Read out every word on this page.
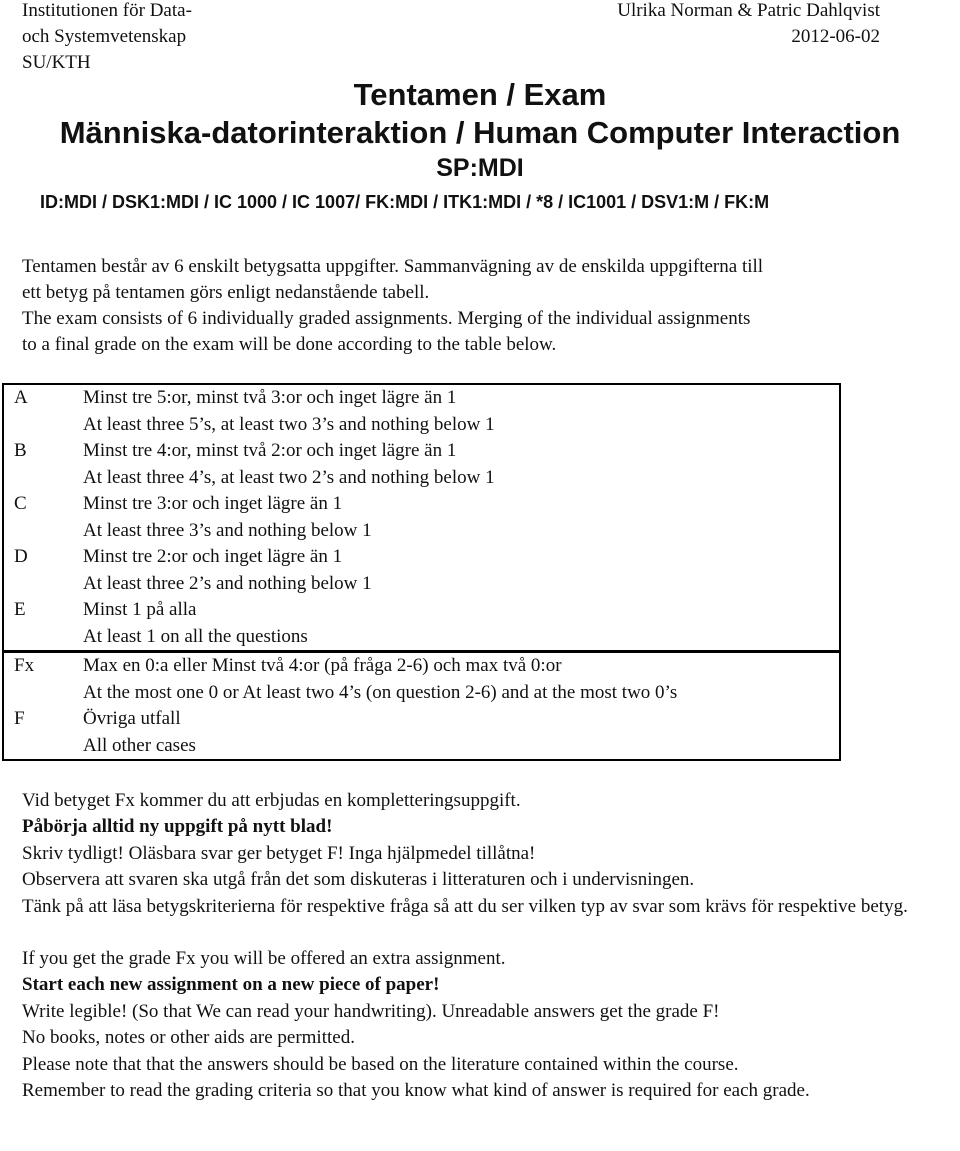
Institutionen för Data-
och Systemvetenskap
SU/KTH
Ulrika Norman & Patric Dahlqvist
2012-06-02
Tentamen / Exam
Människa-datorinteraktion / Human Computer Interaction
SP:MDI
ID:MDI / DSK1:MDI / IC 1000 / IC 1007/ FK:MDI / ITK1:MDI / *8 / IC1001 / DSV1:M / FK:M

Tentamen består av 6 enskilt betygsatta uppgifter. Sammanvägning av de enskilda uppgifterna till

ett betyg på tentamen görs enligt nedanstående tabell.

The exam consists of 6 individually graded assignments. Merging of the individual assignments

to a final grade on the exam will be done according to the table below.

A	Minst tre 5:or, minst två 3:or och inget lägre än 1
At least three 5’s, at least two 3’s and nothing below 1

B	Minst tre 4:or, minst två 2:or och inget lägre än 1
At least three 4’s, at least two 2’s and nothing below 1

C	Minst tre 3:or och inget lägre än 1
At least three 3’s and nothing below 1

D	Minst tre 2:or och inget lägre än 1
At least three 2’s and nothing below 1

E	Minst 1 på alla
At least 1 on all the questions

Fx	Max en 0:a eller Minst två 4:or (på fråga 2-6) och max två 0:or
At the most one 0 or At least two 4’s (on question 2-6) and at the most two 0’s

F	Övriga utfall
All other cases

Vid betyget Fx kommer du att erbjudas en kompletteringsuppgift.

Påbörja alltid ny uppgift på nytt blad!

Skriv tydligt! Oläsbara svar ger betyget F! Inga hjälpmedel tillåtna!

Observera att svaren ska utgå från det som diskuteras i litteraturen och i undervisningen.

Tänk på att läsa betygskriterierna för respektive fråga så att du ser vilken typ av svar som krävs för respektive betyg.

If you get the grade Fx you will be offered an extra assignment.

Start each new assignment on a new piece of paper!

Write legible! (So that We can read your handwriting). Unreadable answers get the grade F!

No books, notes or other aids are permitted.

Please note that that the answers should be based on the literature contained within the course.

Remember to read the grading criteria so that you know what kind of answer is required for each grade.
